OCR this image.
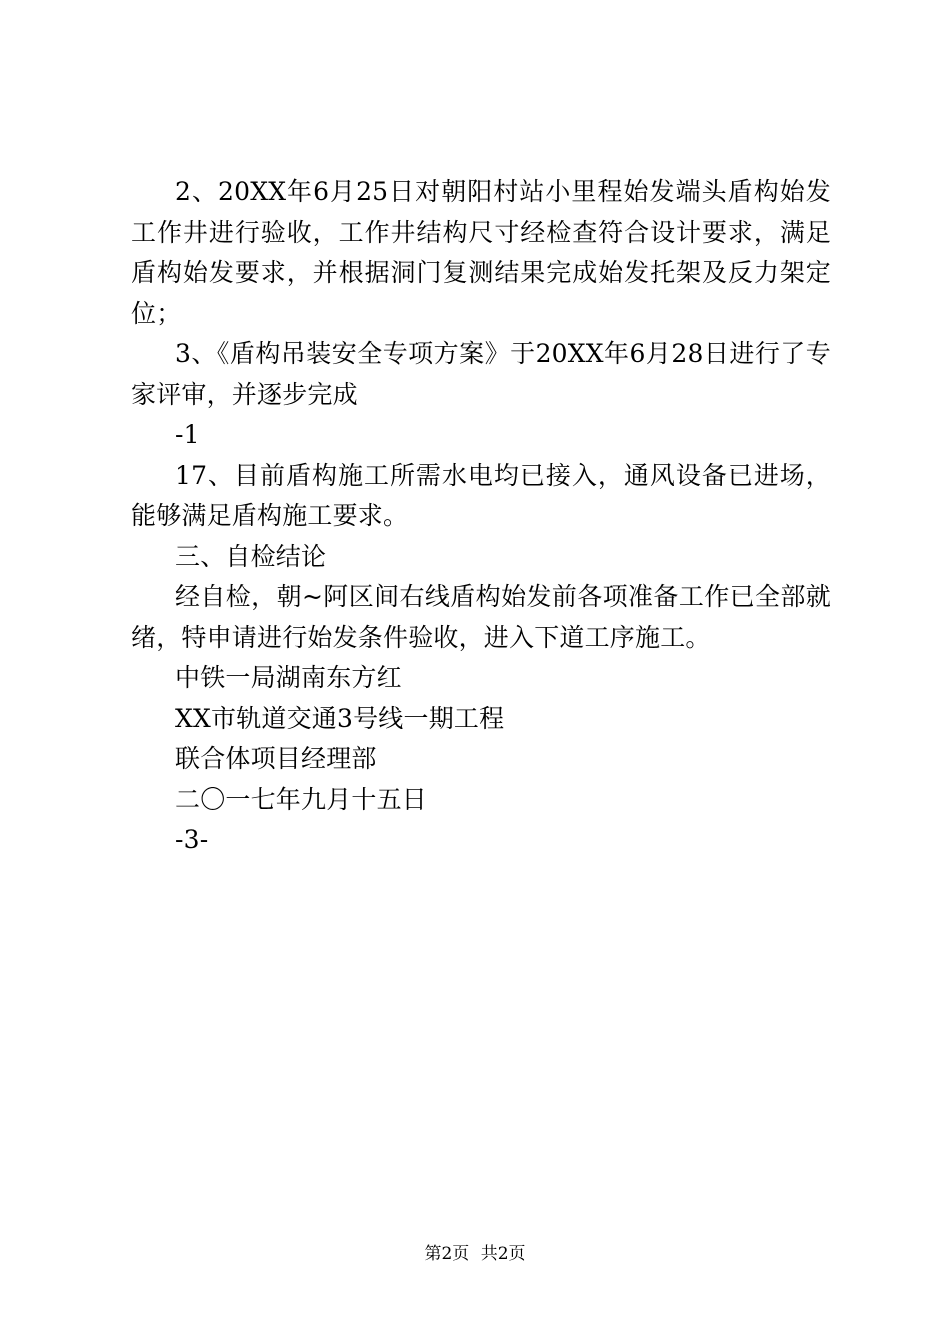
2、20XX年6月25日对朝阳村站小里程始发端头盾构始发工作井进行验收，工作井结构尺寸经检查符合设计要求，满足盾构始发要求，并根据洞门复测结果完成始发托架及反力架定位；

3、《盾构吊装安全专项方案》于20XX年6月28日进行了专家评审，并逐步完成

-1

17、目前盾构施工所需水电均已接入，通风设备已进场，能够满足盾构施工要求。

三、自检结论

经自检，朝~阿区间右线盾构始发前各项准备工作已全部就绪，特申请进行始发条件验收，进入下道工序施工。

中铁一局湖南东方红

XX市轨道交通3号线一期工程

联合体项目经理部

二〇一七年九月十五日

-3-

第2页 共2页
